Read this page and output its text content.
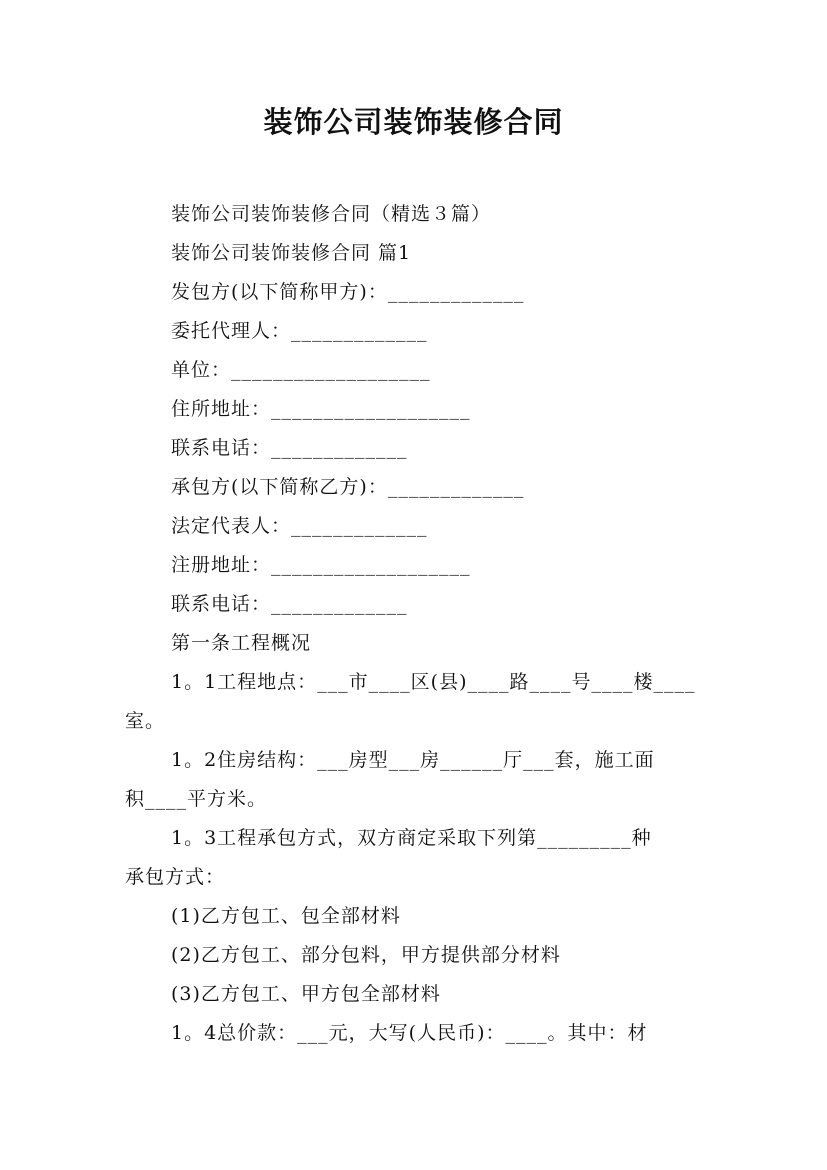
装饰公司装饰装修合同
装饰公司装饰装修合同（精选３篇）
装饰公司装饰装修合同 篇1
发包方(以下简称甲方)：_____________
委托代理人：_____________
单位：___________________
住所地址：___________________
联系电话：_____________
承包方(以下简称乙方)：_____________
法定代表人：_____________
注册地址：___________________
联系电话：_____________
第一条工程概况
1。1工程地点：___市____区(县)____路____号____楼____
室。
1。2住房结构：___房型___房______厅___套，施工面
积____平方米。
1。3工程承包方式，双方商定采取下列第_________种
承包方式：
(1)乙方包工、包全部材料
(2)乙方包工、部分包料，甲方提供部分材料
(3)乙方包工、甲方包全部材料
1。4总价款：___元，大写(人民币)：____。其中：材
